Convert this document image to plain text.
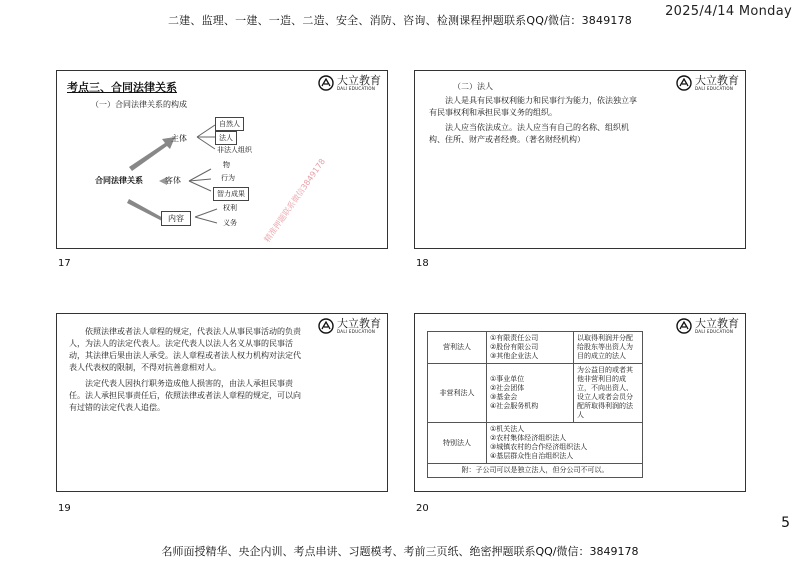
二建、监理、一建、一造、二造、安全、消防、咨询、检测课程押题联系QQ/微信：3849178
2025/4/14 Monday
考点三、合同法律关系
大立教育
DALI EDUCATION
（一）合同法律关系的构成
合同法律关系
主体
自然人
法人
非法人组织
客体
物
行为
智力成果
内容
权利
义务	精准押题联系微信3849178
17
大立教育
DALI EDUCATION
（二）法人

法人是具有民事权利能力和民事行为能力，依法独立享有民事权利和承担民事义务的组织。

法人应当依法成立。法人应当有自己的名称、组织机构、住所、财产或者经费。（著名财经机构）

18
大立教育
DALI EDUCATION

依照法律或者法人章程的规定，代表法人从事民事活动的负责人，为法人的法定代表人。法定代表人以法人名义从事的民事活动，其法律后果由法人承受。法人章程或者法人权力机构对法定代表人代表权的限制，不得对抗善意相对人。

法定代表人因执行职务造成他人损害的，由法人承担民事责任。法人承担民事责任后，依照法律或者法人章程的规定，可以向有过错的法定代表人追偿。

19
大立教育
DALI EDUCATION
营利法人	①有限责任公司
②股份有限公司
③其他企业法人	以取得利润并分配给股东等出资人为目的成立的法人
非营利法人	①事业单位
②社会团体
③基金会
④社会服务机构	为公益目的或者其他非营利目的成立，不向出资人、设立人或者会员分配所取得利润的法人
特别法人	①机关法人
②农村集体经济组织法人
③城镇农村的合作经济组织法人
④基层群众性自治组织法人	
附：子公司可以是独立法人，但分公司不可以。		
20
5
名师面授精华、央企内训、考点串讲、习题模考、考前三页纸、绝密押题联系QQ/微信：3849178
